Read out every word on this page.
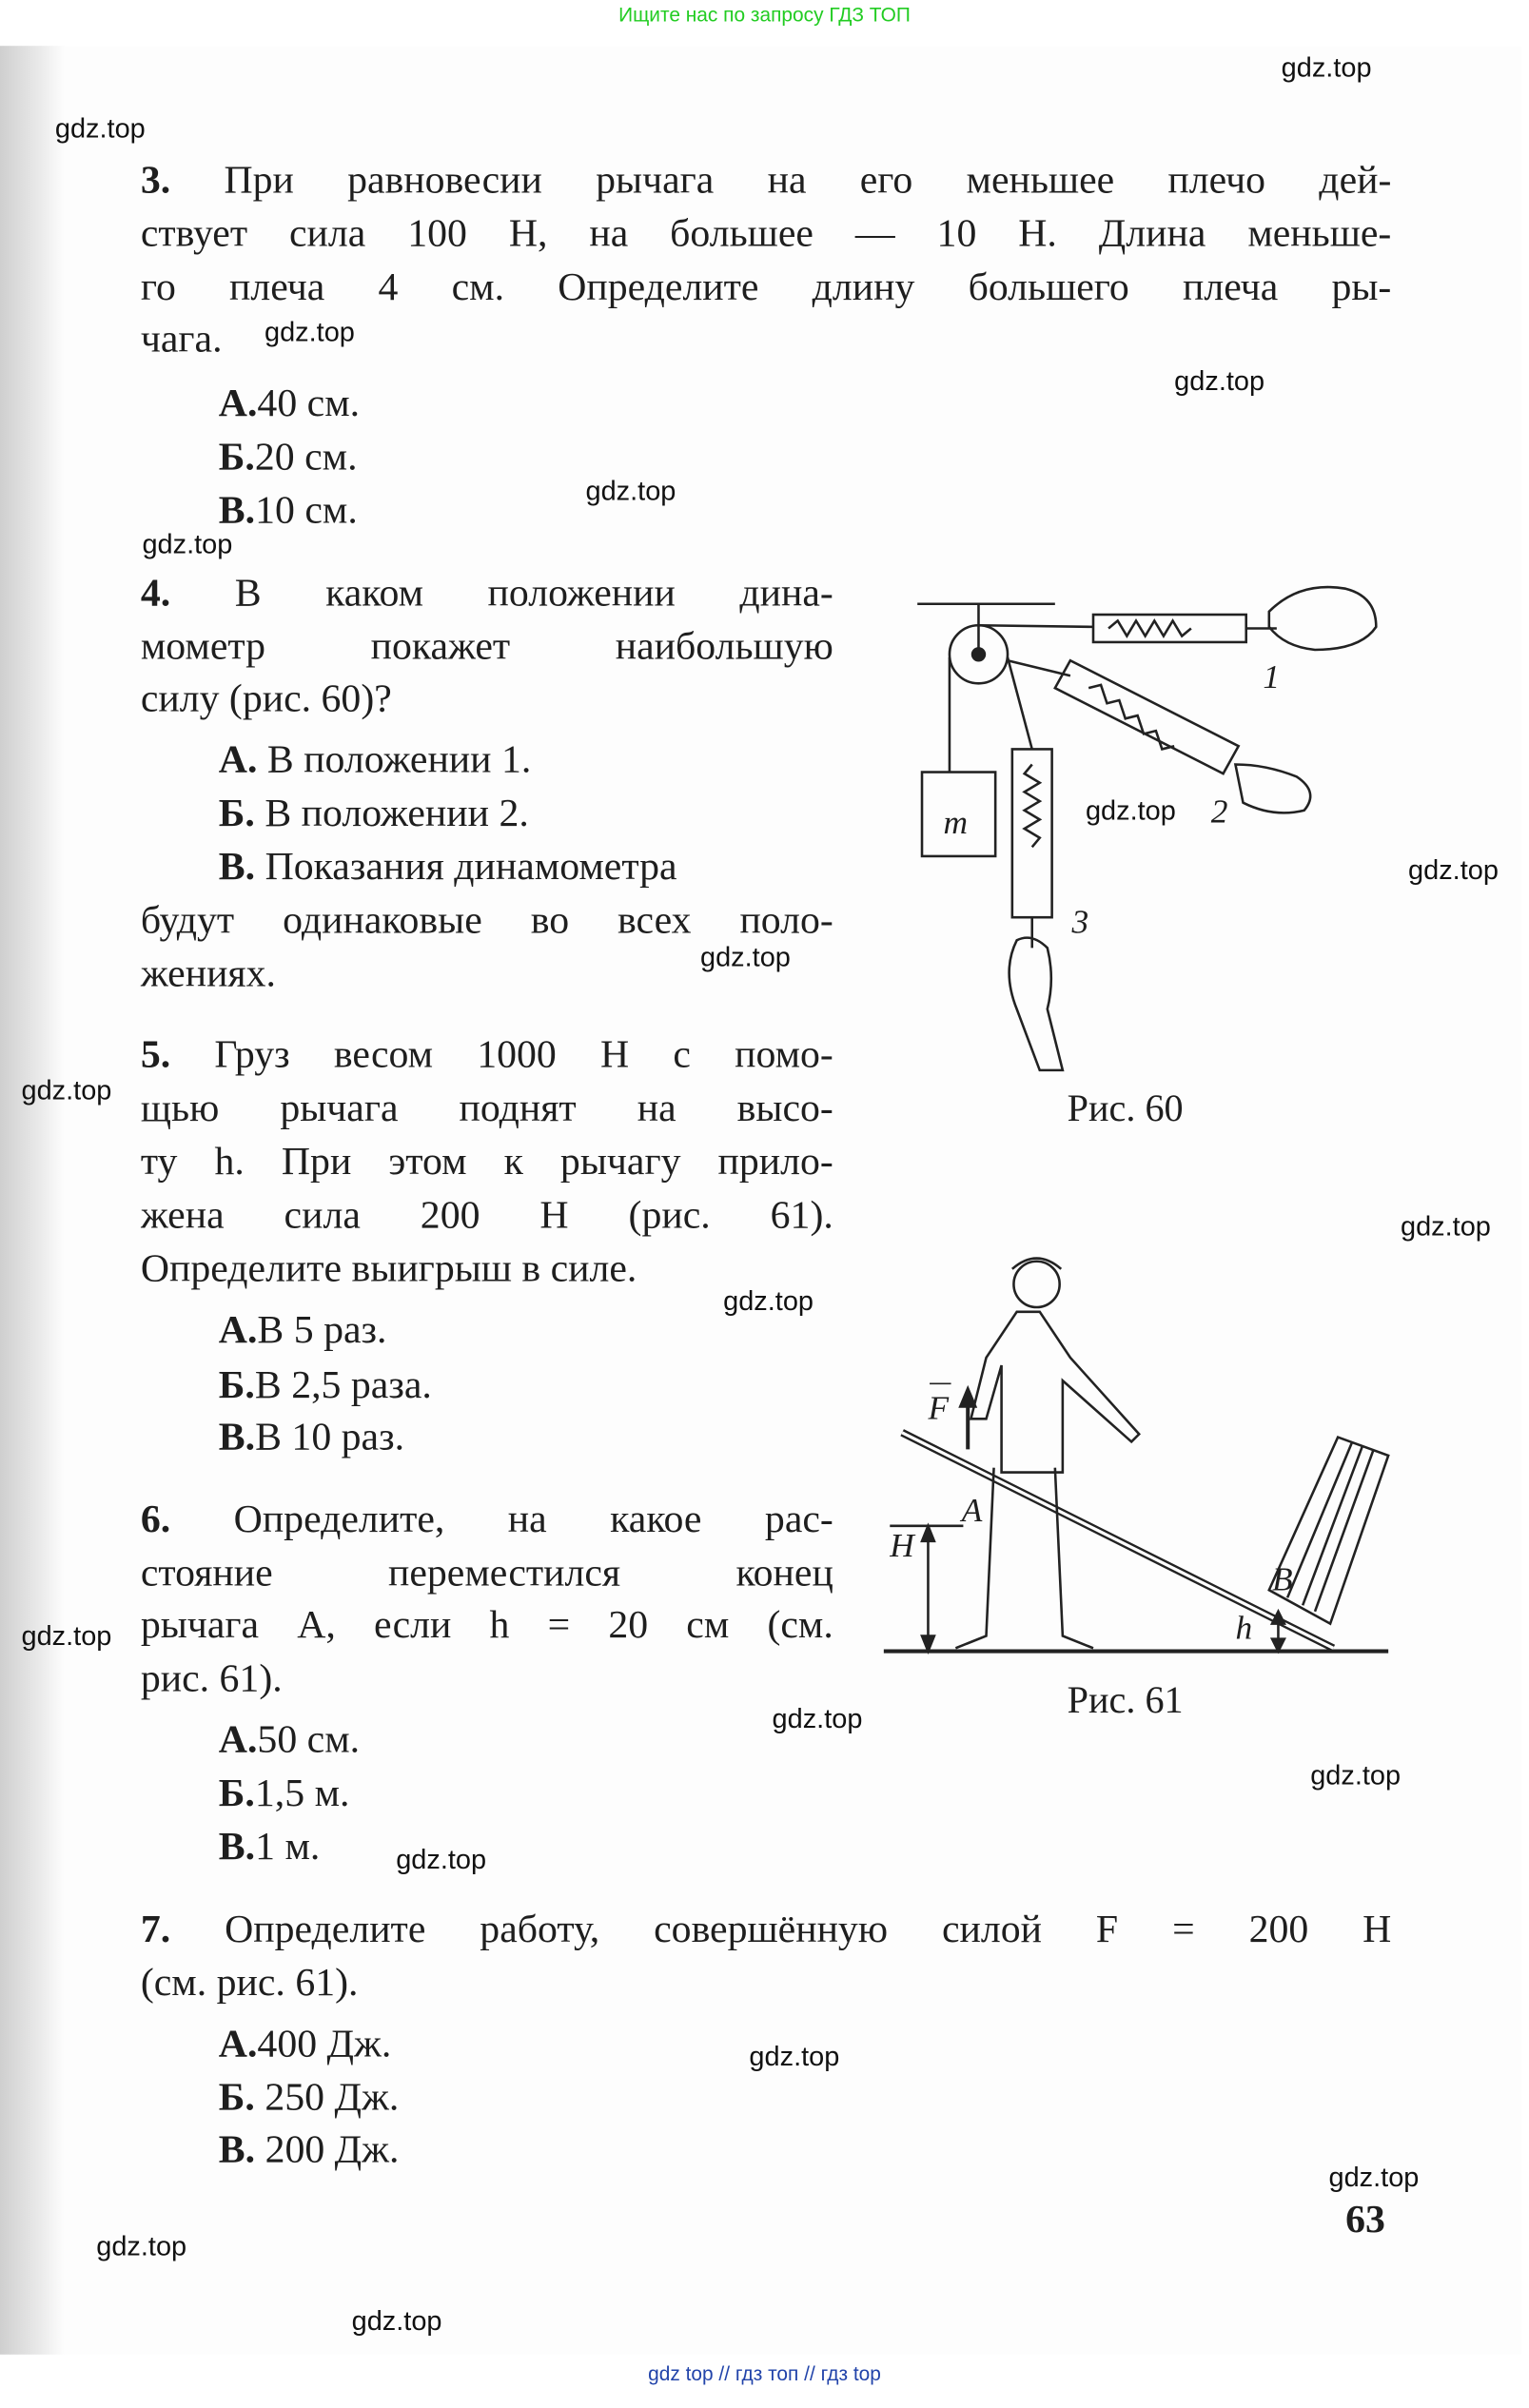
Ищите нас по запросу ГДЗ ТОП
3. При равновесии рычага на его меньшее плечо дей-
ствует сила 100 Н, на большее — 10 Н. Длина меньше-
го плеча 4 см. Определите длину большего плеча ры-
чага.
А.40 см.
Б.20 см.
В.10 см.
4.	В каком положении дина-
мометр покажет наибольшую
силу (рис. 60)?
А. В положении 1.
Б. В положении 2.
В. Показания динамометра
будут одинаковые во всех поло-
жениях.
5. Груз весом 1000 Н с помо-
щью рычага поднят на высо-
ту h. При этом к рычагу прило-
жена сила 200 Н (рис. 61).
Определите выигрыш в силе.
А.В 5 раз.
Б.В 2,5 раза.
В.В 10 раз.
6.	Определите, на какое рас-
стояние переместился конец
рычага A, если h = 20 см (см.
рис. 61).
А.50 см.
Б.1,5 м.
В.1 м.
7. Определите работу, совершённую силой F = 200 Н
(см. рис. 61).
А.400 Дж.
Б. 250 Дж.
В. 200 Дж.
1
2
3
m
F
A
H
B
h
Рис. 60
Рис. 61
63
gdz.top
gdz.top
gdz.top
gdz.top
gdz.top
gdz.top
gdz.top
gdz.top
gdz.top
gdz.top
gdz.top
gdz.top
gdz.top
gdz.top
gdz.top
gdz.top
gdz.top
gdz.top
gdz.top
gdz.top
gdz top // гдз топ // гдз top
